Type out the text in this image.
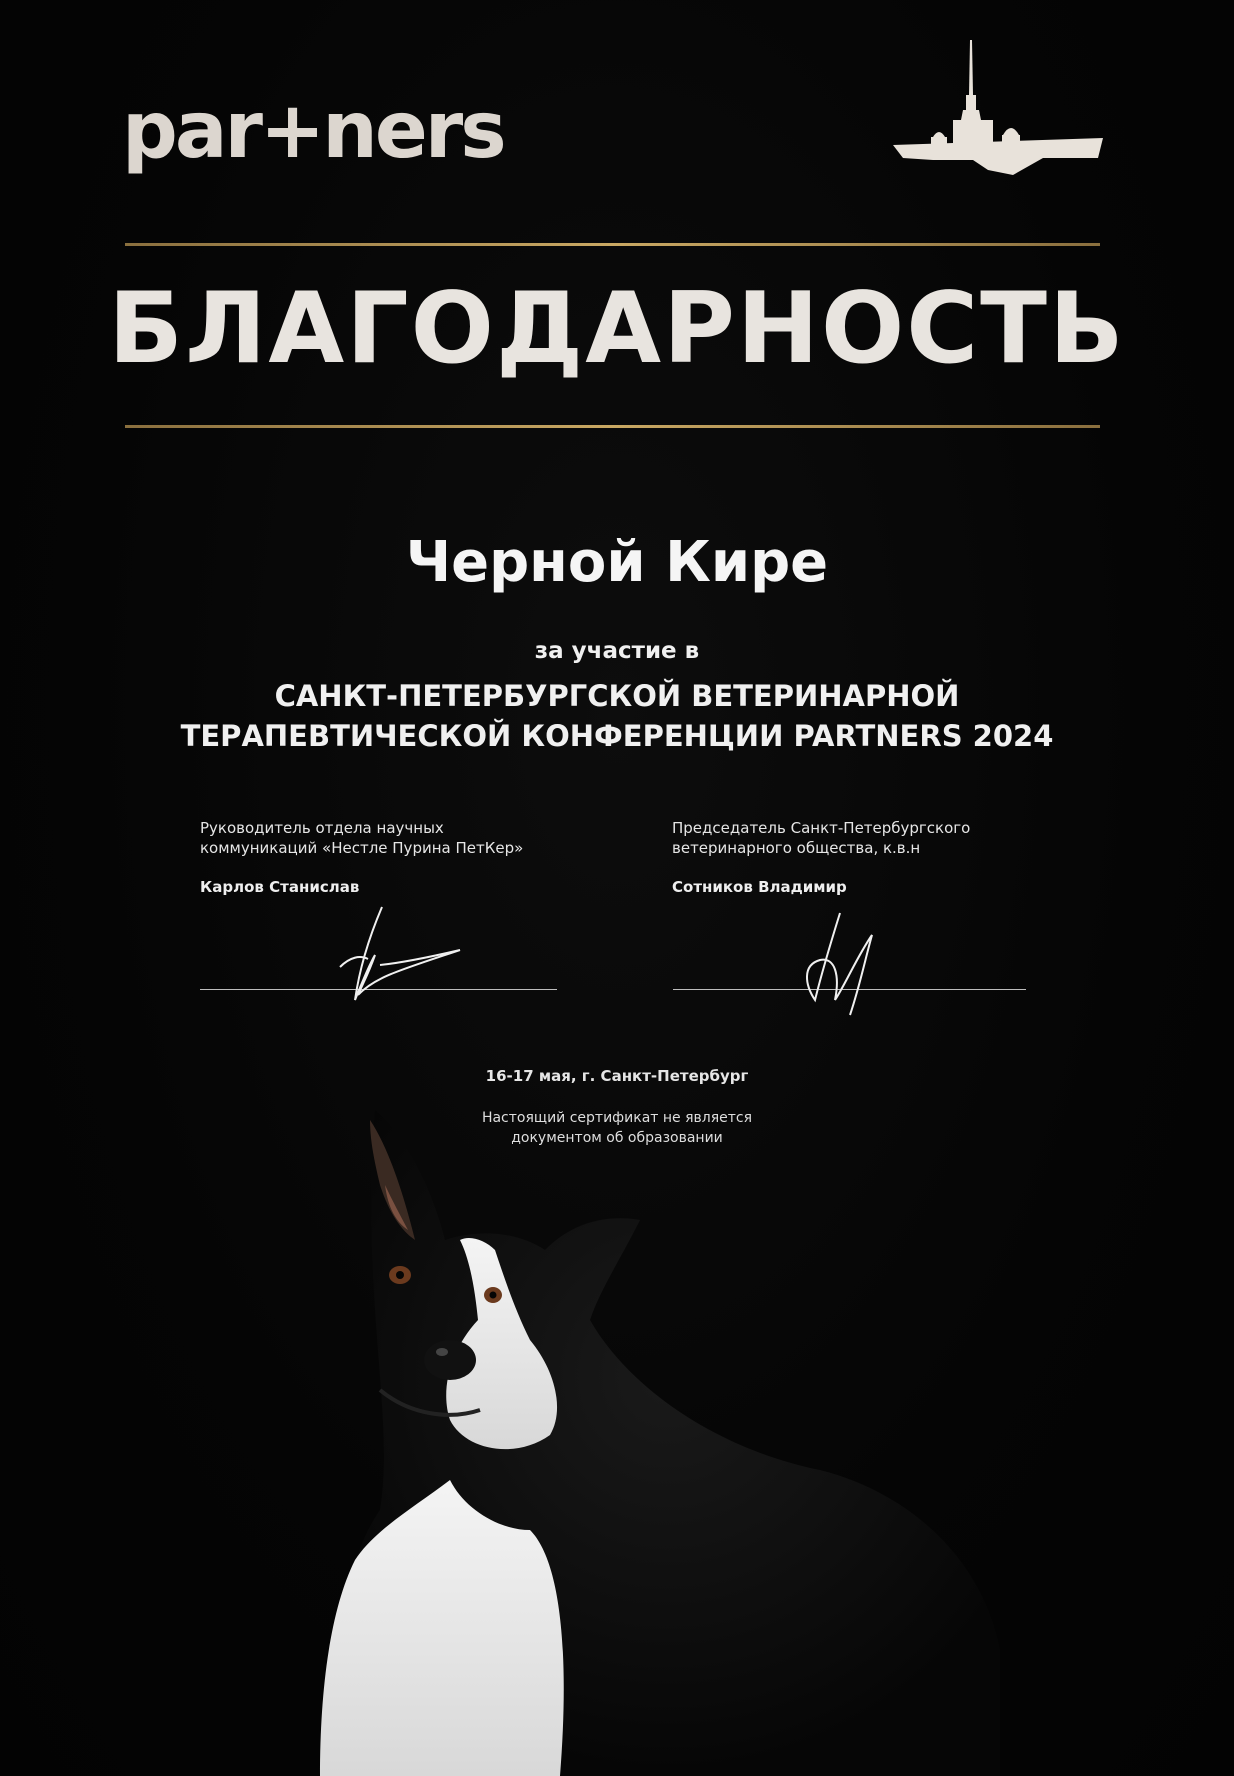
par+ners
БЛАГОДАРНОСТЬ
Черной Кире
за участие в
САНКТ-ПЕТЕРБУРГСКОЙ ВЕТЕРИНАРНОЙ
ТЕРАПЕВТИЧЕСКОЙ КОНФЕРЕНЦИИ PARTNERS 2024
Руководитель отдела научных
коммуникаций «Нестле Пурина ПетКер»
Карлов Станислав
Председатель Санкт-Петербургского
ветеринарного общества, к.в.н
Сотников Владимир
16-17 мая, г. Санкт-Петербург
Настоящий сертификат не является
документом об образовании
